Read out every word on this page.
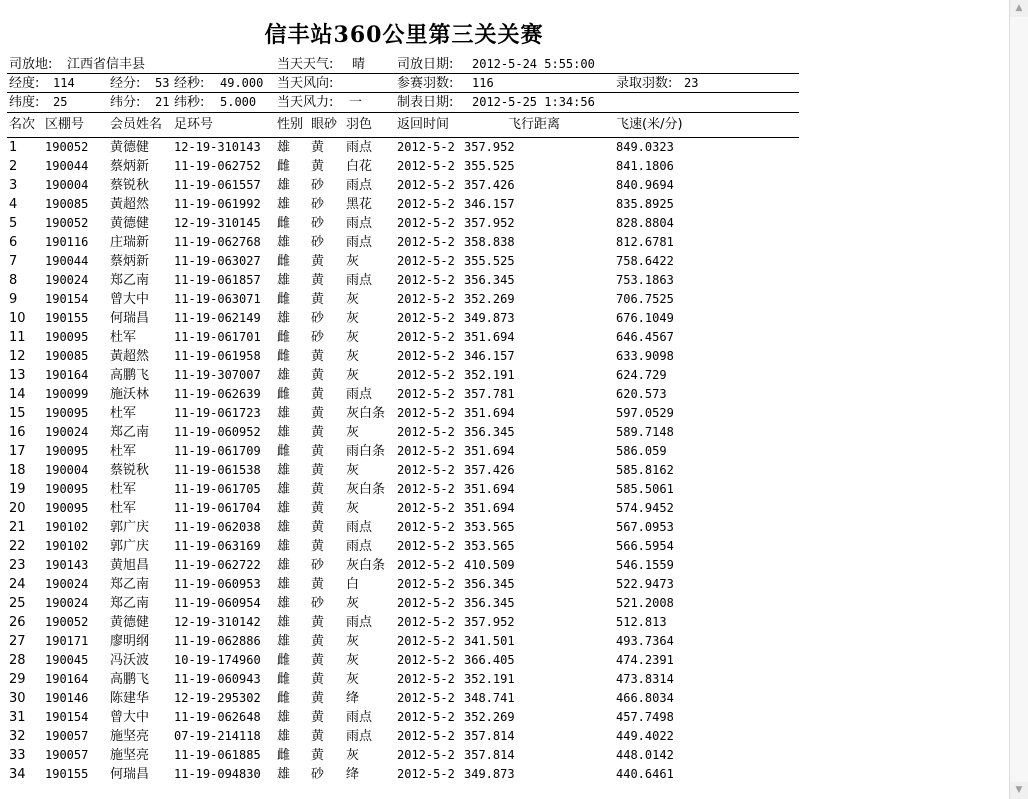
信丰站360公里第三关关赛
司放地: 江西省信丰县	当天天气: 晴 司放日期: 2012-5-24 5:55:00
经度: 114	经分: 53 经秒: 49.000 当天风向:	参赛羽数: 116	录取羽数: 23
纬度: 25	纬分: 21 纬秒: 5.000 当天风力: 一	制表日期: 2012-5-25 1:34:56
名次 区棚号 会员姓名 足环号	性别 眼砂 羽色 返回时间	飞行距离	飞速(米/分)
1 190052 黄德健 12-19-310143 雄 黄 雨点 2012-5-2 357.952	849.0323
2 190044 蔡炳新 11-19-062752 雌 黄 白花 2012-5-2 355.525	841.1806
3 190004 蔡锐秋 11-19-061557 雄 砂 雨点 2012-5-2 357.426	840.9694
4 190085 黃超然 11-19-061992 雄 砂 黑花 2012-5-2 346.157	835.8925
5 190052 黄德健 12-19-310145 雌 砂 雨点 2012-5-2 357.952	828.8804
6 190116 庄瑞新 11-19-062768 雄 砂 雨点 2012-5-2 358.838	812.6781
7 190044 蔡炳新 11-19-063027 雌 黄 灰	2012-5-2 355.525	758.6422
8 190024 郑乙南 11-19-061857 雄 黄 雨点 2012-5-2 356.345	753.1863
9 190154 曾大中 11-19-063071 雌 黄 灰	2012-5-2 352.269	706.7525
10 190155 何瑞昌 11-19-062149 雄 砂 灰	2012-5-2 349.873	676.1049
11 190095 杜军	11-19-061701 雌 砂 灰	2012-5-2 351.694	646.4567
12 190085 黃超然 11-19-061958 雌 黄 灰	2012-5-2 346.157	633.9098
13 190164 高鹏飞 11-19-307007 雄 黄 灰	2012-5-2 352.191	624.729
14 190099 施沃林 11-19-062639 雌 黄 雨点 2012-5-2 357.781	620.573
15 190095 杜军	11-19-061723 雄 黄 灰白条 2012-5-2 351.694	597.0529
16 190024 郑乙南 11-19-060952 雄 黄 灰	2012-5-2 356.345	589.7148
17 190095 杜军	11-19-061709 雌 黄 雨白条 2012-5-2 351.694	586.059
18 190004 蔡锐秋 11-19-061538 雄 黄 灰	2012-5-2 357.426	585.8162
19 190095 杜军	11-19-061705 雄 黄 灰白条 2012-5-2 351.694	585.5061
20 190095 杜军	11-19-061704 雄 黄 灰	2012-5-2 351.694	574.9452
21 190102 郭广庆 11-19-062038 雄 黄 雨点 2012-5-2 353.565	567.0953
22 190102 郭广庆 11-19-063169 雄 黄 雨点 2012-5-2 353.565	566.5954
23 190143 黄旭昌 11-19-062722 雄 砂 灰白条 2012-5-2 410.509	546.1559
24 190024 郑乙南 11-19-060953 雄 黄 白	2012-5-2 356.345	522.9473
25 190024 郑乙南 11-19-060954 雄 砂 灰	2012-5-2 356.345	521.2008
26 190052 黄德健 12-19-310142 雄 黄 雨点 2012-5-2 357.952	512.813
27 190171 廖明纲 11-19-062886 雄 黄 灰	2012-5-2 341.501	493.7364
28 190045 冯沃波 10-19-174960 雌 黄 灰	2012-5-2 366.405	474.2391
29 190164 高鹏飞 11-19-060943 雌 黄 灰	2012-5-2 352.191	473.8314
30 190146 陈建华 12-19-295302 雌 黄 绛	2012-5-2 348.741	466.8034
31 190154 曾大中 11-19-062648 雄 黄 雨点 2012-5-2 352.269	457.7498
32 190057 施坚亮 07-19-214118 雄 黄 雨点 2012-5-2 357.814	449.4022
33 190057 施坚亮 11-19-061885 雌 黄 灰	2012-5-2 357.814	448.0142
34 190155 何瑞昌 11-19-094830 雄 砂 绛	2012-5-2 349.873	440.6461
▲
▼
